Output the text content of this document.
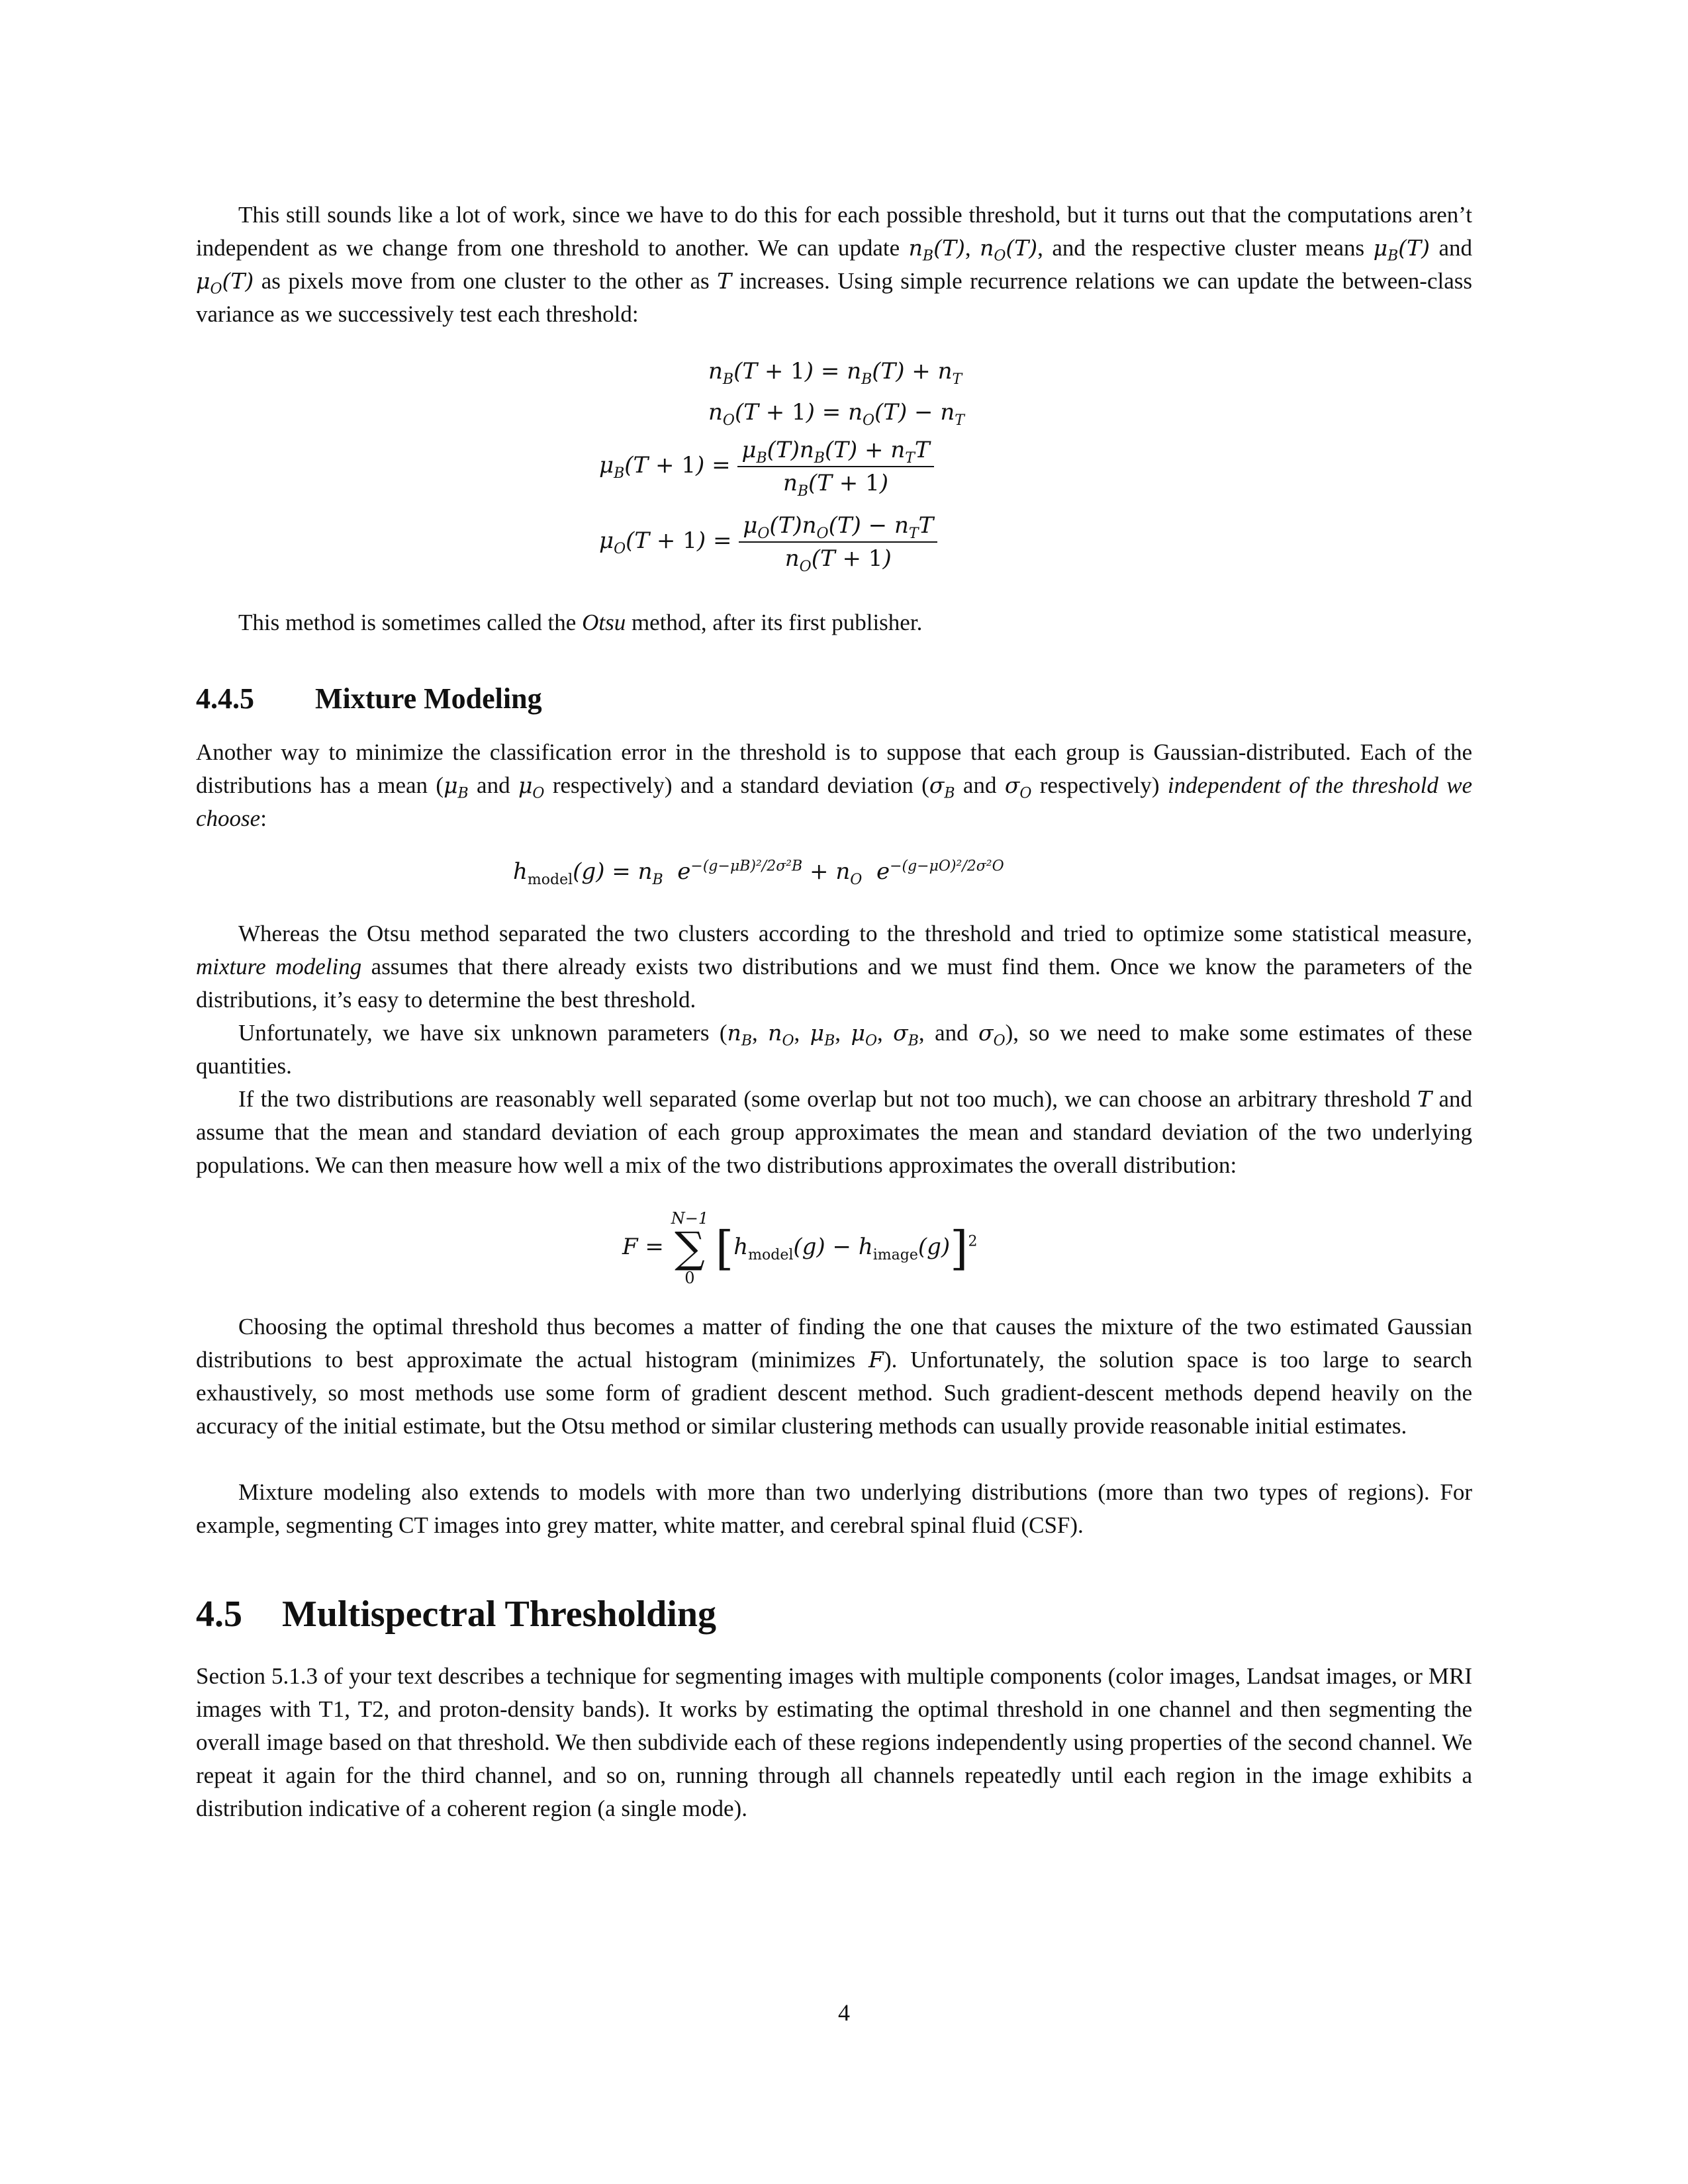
This still sounds like a lot of work, since we have to do this for each possible threshold, but it turns out that the computations aren’t independent as we change from one threshold to another. We can update $n_B(T)$, $n_O(T)$, and the respective cluster means $\mu_B(T)$ and $\mu_O(T)$ as pixels move from one cluster to the other as T increases. Using simple recurrence relations we can update the between-class variance as we successively test each threshold:

$n_B(T + 1) = n_B(T) + n_T$
$n_O(T + 1) = n_O(T) - n_T$
$\mu_B(T + 1) = \frac{\mu_B(T)n_B(T) + n_TT}{n_B(T + 1)}$
$\mu_O(T + 1) = \frac{\mu_O(T)n_O(T) - n_TT}{n_O(T + 1)}$

This method is sometimes called the Otsu method, after its first publisher.

4.4.5 Mixture Modeling

Another way to minimize the classification error in the threshold is to suppose that each group is Gaussian-distributed. Each of the distributions has a mean ($\mu_B$ and $\mu_O$ respectively) and a standard deviation ($\sigma_B$ and $\sigma_O$ respectively) independent of the threshold we choose:

$h_{model}(g) = n_B$ $e^{-(g-\mu B)^2/2\sigma^2B} + n_O$ $e^{-(g-\mu O)^2/2\sigma^2O}$

Whereas the Otsu method separated the two clusters according to the threshold and tried to optimize some statistical measure, mixture modeling assumes that there already exists two distributions and we must find them. Once we know the parameters of the distributions, it’s easy to determine the best threshold.

Unfortunately, we have six unknown parameters ($n_B$, $n_O$, $\mu_B$, $\mu_O$, $\sigma_B$, and $\sigma_O$), so we need to make some estimates of these quantities.

If the two distributions are reasonably well separated (some overlap but not too much), we can choose an arbitrary threshold T and assume that the mean and standard deviation of each group approximates the mean and standard deviation of the two underlying populations. We can then measure how well a mix of the two distributions approximates the overall distribution:

F =
N−1
∑
0
$[h_{model}(g) - h_{image}(g)]^2$

Choosing the optimal threshold thus becomes a matter of finding the one that causes the mixture of the two estimated Gaussian distributions to best approximate the actual histogram (minimizes F). Unfortunately, the solution space is too large to search exhaustively, so most methods use some form of gradient descent method. Such gradient-descent methods depend heavily on the accuracy of the initial estimate, but the Otsu method or similar clustering methods can usually provide reasonable initial estimates.

Mixture modeling also extends to models with more than two underlying distributions (more than two types of regions). For example, segmenting CT images into grey matter, white matter, and cerebral spinal fluid (CSF).

4.5 Multispectral Thresholding

Section 5.1.3 of your text describes a technique for segmenting images with multiple components (color images, Landsat images, or MRI images with T1, T2, and proton-density bands). It works by estimating the optimal threshold in one channel and then segmenting the overall image based on that threshold. We then subdivide each of these regions independently using properties of the second channel. We repeat it again for the third channel, and so on, running through all channels repeatedly until each region in the image exhibits a distribution indicative of a coherent region (a single mode).

4
